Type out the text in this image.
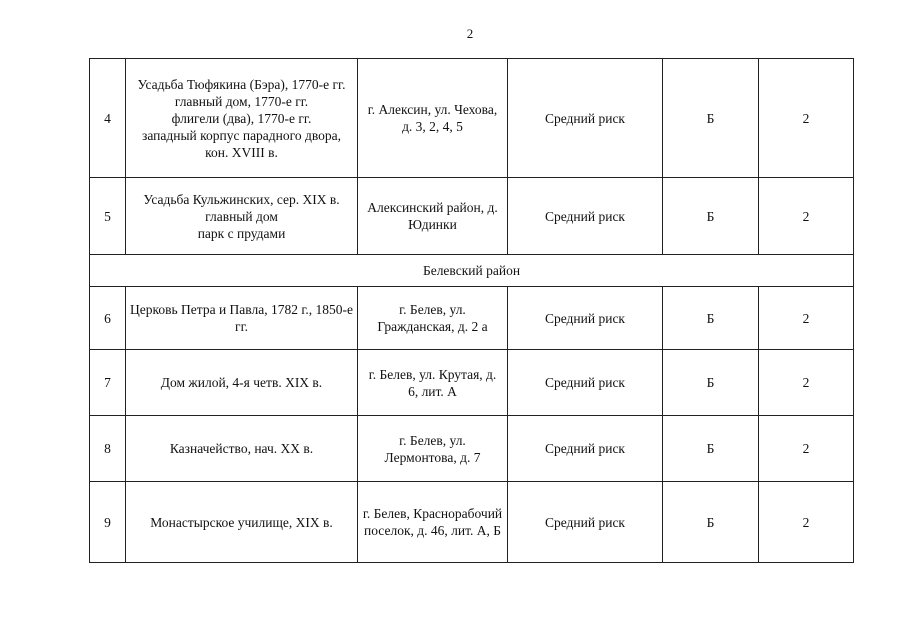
2
4	Усадьба Тюфякина (Бэра), 1770-е гг.
главный дом, 1770-е гг.
флигели (два), 1770-е гг.
западный корпус парадного двора, кон. XVIII в.	г. Алексин, ул. Чехова, д. 3, 2, 4, 5	Средний риск	Б	2
5	Усадьба Кульжинских, сер. XIX в.
главный дом
парк с прудами	Алексинский район, д. Юдинки	Средний риск	Б	2
Белевский район					
6	Церковь Петра и Павла, 1782 г., 1850-е гг.	г. Белев, ул. Гражданская, д. 2 а	Средний риск	Б	2
7	Дом жилой, 4-я четв. XIX в.	г. Белев, ул. Крутая, д. 6, лит. А	Средний риск	Б	2
8	Казначейство, нач. XX в.	г. Белев, ул. Лермонтова, д. 7	Средний риск	Б	2
9	Монастырское училище, XIX в.	г. Белев, Краснорабочий поселок, д. 46, лит. А, Б	Средний риск	Б	2
